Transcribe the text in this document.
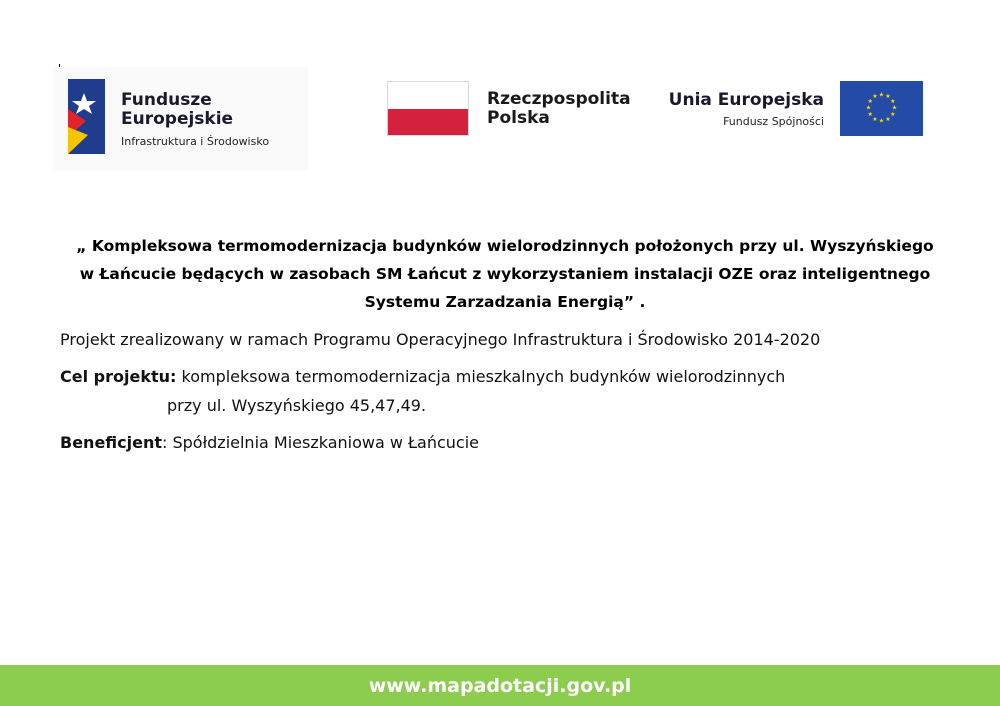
Fundusze
Europejskie
Infrastruktura i Środowisko
Rzeczpospolita
Polska
Unia Europejska
Fundusz Spójności
★ ★
★
★
★
★
★
★
★
★
★
★
„ Kompleksowa termomodernizacja budynków wielorodzinnych położonych przy ul. Wyszyńskiego
w Łańcucie będących w zasobach SM Łańcut z wykorzystaniem instalacji OZE oraz inteligentnego
Systemu Zarzadzania Energią” .
Projekt zrealizowany w ramach Programu Operacyjnego Infrastruktura i Środowisko 2014-2020
Cel projektu: kompleksowa termomodernizacja mieszkalnych budynków wielorodzinnych
przy ul. Wyszyńskiego 45,47,49.
Beneficjent: Spółdzielnia Mieszkaniowa w Łańcucie
www.mapadotacji.gov.pl
